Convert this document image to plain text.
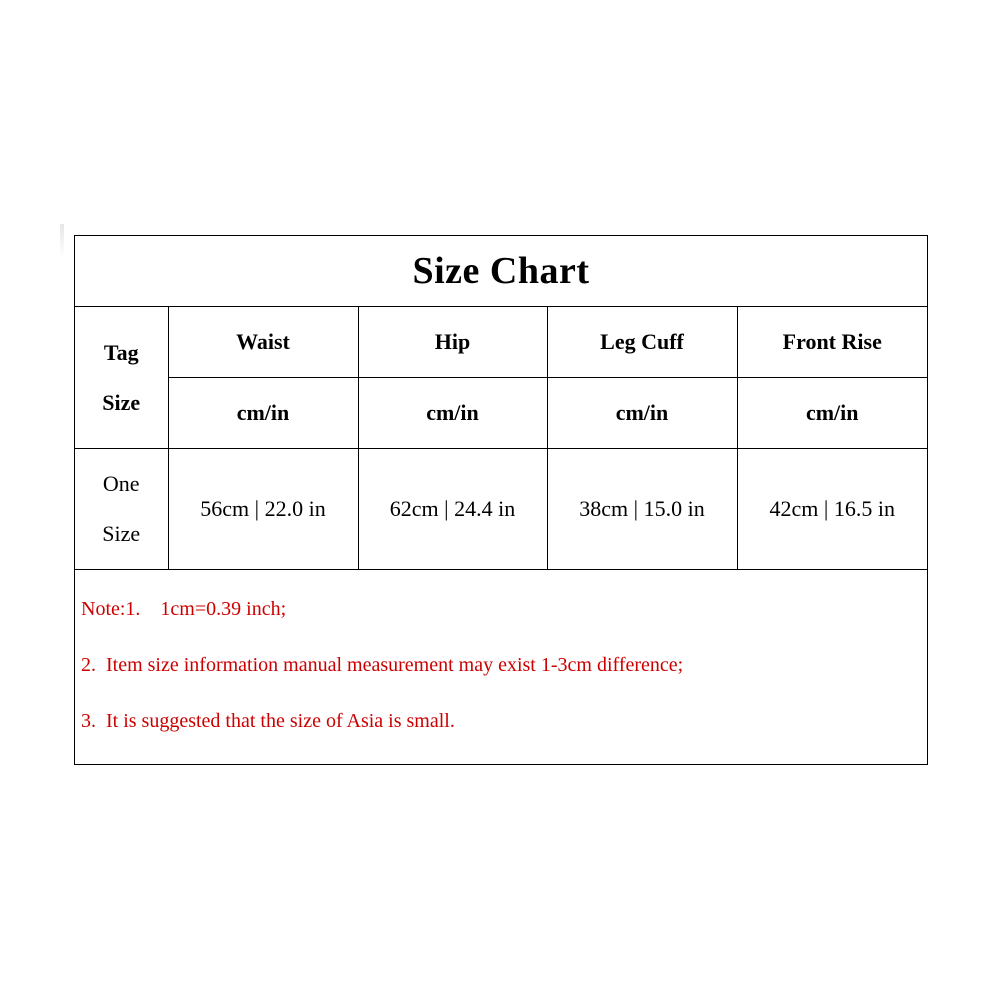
Size Chart				

Tag
Size	Waist	Hip	Leg Cuff	Front Rise
	cm/in	cm/in	cm/in	cm/in

One
Size	56cm | 22.0 in	62cm | 24.4 in	38cm | 15.0 in	42cm | 16.5 in
Note:1.    1cm=0.39 inch;
2.  Item size information manual measurement may exist 1-3cm difference;
3.  It is suggested that the size of Asia is small.
